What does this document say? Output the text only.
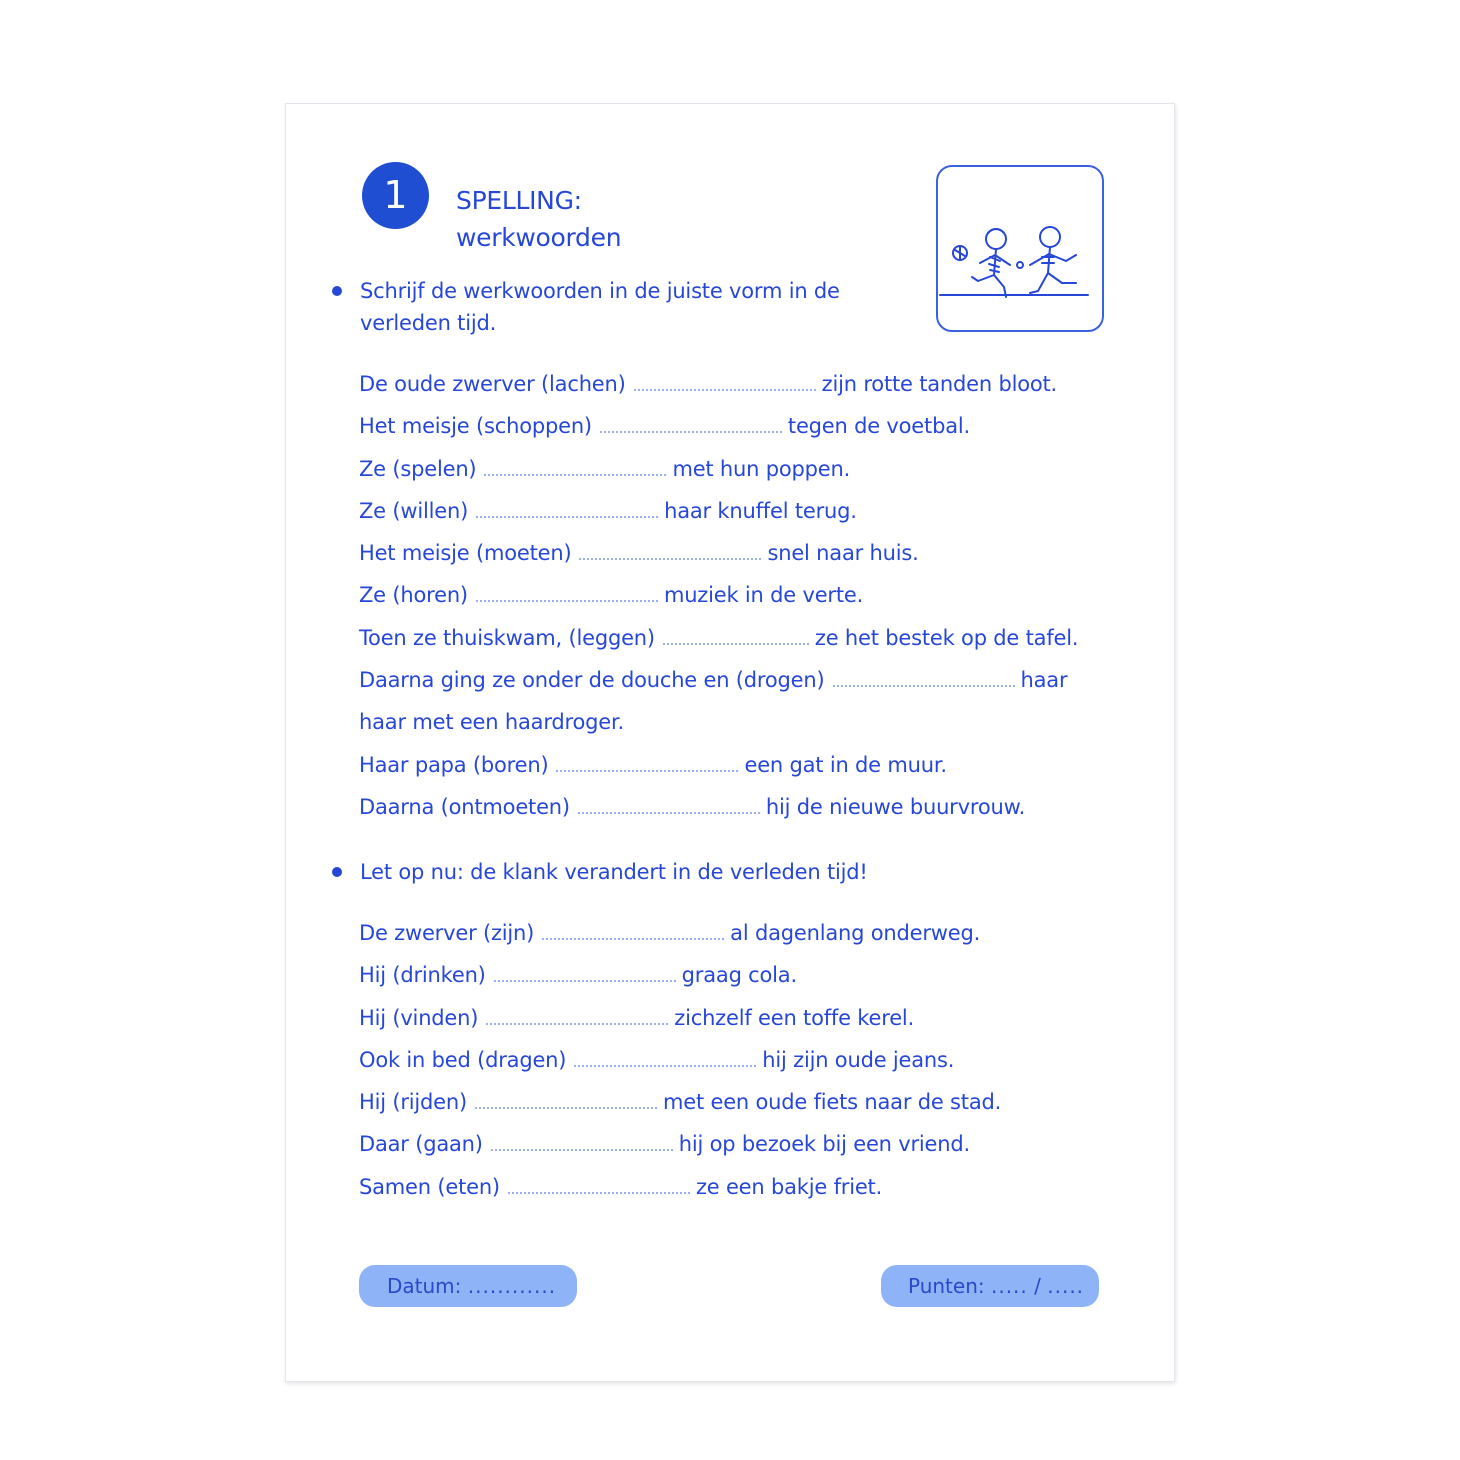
1	SPELLING:
werkwoorden
Schrijf de werkwoorden in de juiste vorm in de
verleden tijd.
De oude zwerver (lachen)	zijn rotte tanden bloot.
Het meisje (schoppen)	tegen de voetbal.
Ze (spelen)	met hun poppen.
Ze (willen)	haar knuffel terug.
Het meisje (moeten)	snel naar huis.
Ze (horen)	muziek in de verte.
Toen ze thuiskwam, (leggen)	ze het bestek op de tafel.
Daarna ging ze onder de douche en (drogen)	haar
haar met een haardroger.
Haar papa (boren)	een gat in de muur.
Daarna (ontmoeten)	hij de nieuwe buurvrouw.
Let op nu: de klank verandert in de verleden tijd!
De zwerver (zijn)	al dagenlang onderweg.
Hij (drinken)	graag cola.
Hij (vinden)	zichzelf een toffe kerel.
Ook in bed (dragen)	hij zijn oude jeans.
Hij (rijden)	met een oude fiets naar de stad.
Daar (gaan)	hij op bezoek bij een vriend.
Samen (eten)	ze een bakje friet.
Datum: ............	Punten: ..... / .....
